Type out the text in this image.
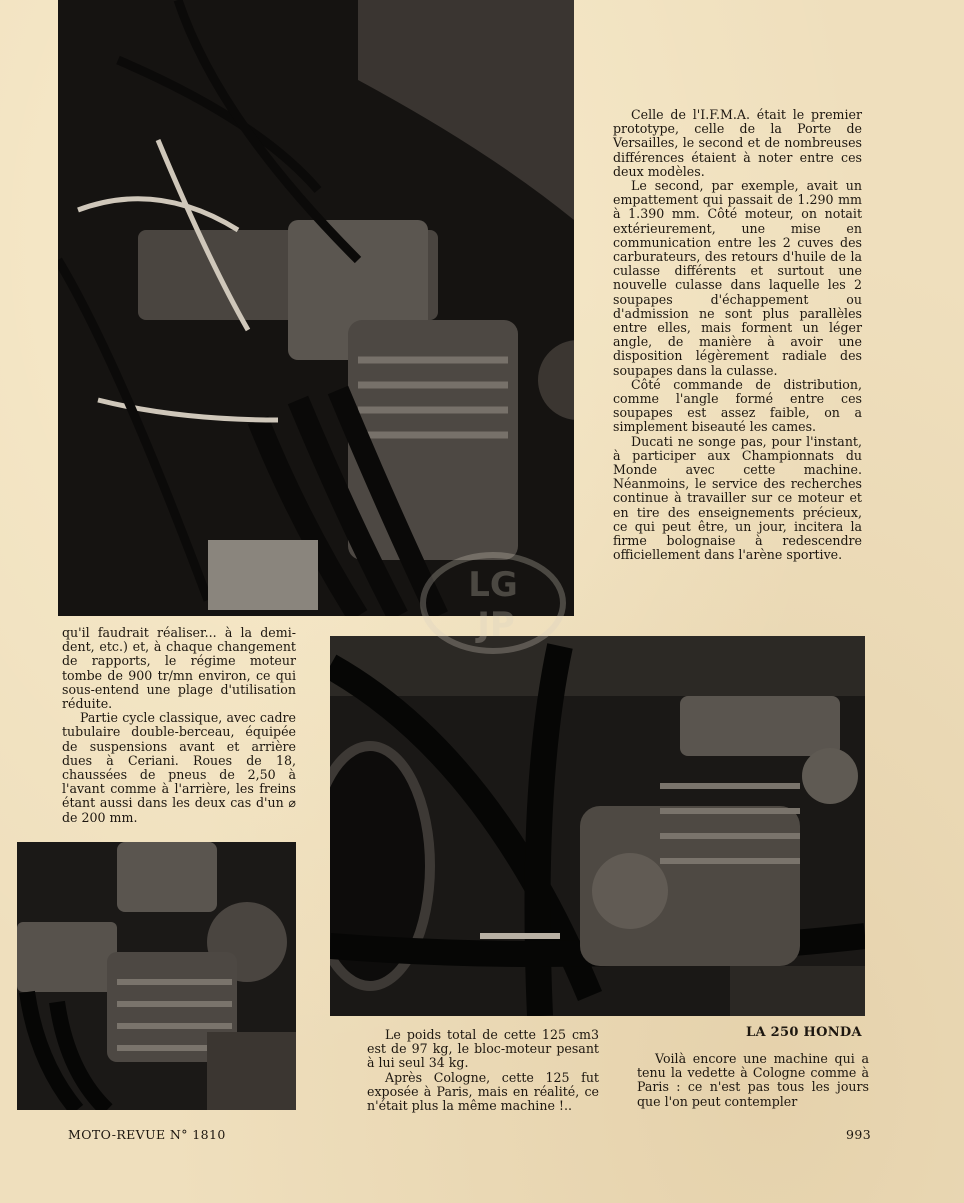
Celle de l'I.F.M.A. était le premier prototype, celle de la Porte de Versailles, le second et de nombreuses différences étaient à noter entre ces deux modèles.

Le second, par exemple, avait un empattement qui passait de 1.290 mm à 1.390 mm. Côté moteur, on notait extérieurement, une mise en communication entre les 2 cuves des carburateurs, des retours d'huile de la culasse différents et surtout une nouvelle culasse dans laquelle les 2 soupapes d'échappement ou d'admission ne sont plus parallèles entre elles, mais forment un léger angle, de manière à avoir une disposition légèrement radiale des soupapes dans la culasse.

Côté commande de distribution, comme l'angle formé entre ces soupapes est assez faible, on a simplement biseauté les cames.

Ducati ne songe pas, pour l'instant, à participer aux Championnats du Monde avec cette machine. Néanmoins, le service des recherches continue à travailler sur ce moteur et en tire des enseignements précieux, ce qui peut être, un jour, incitera la firme bolognaise à redescendre officiellement dans l'arène sportive.

qu'il faudrait réaliser... à la demi-dent, etc.) et, à chaque changement de rapports, le régime moteur tombe de 900 tr/mn environ, ce qui sous-entend une plage d'utilisation réduite.

Partie cycle classique, avec cadre tubulaire double-berceau, équipée de suspensions avant et arrière dues à Ceriani. Roues de 18, chaussées de pneus de 2,50 à l'avant comme à l'arrière, les freins étant aussi dans les deux cas d'un ⌀ de 200 mm.

Le poids total de cette 125 cm3 est de 97 kg, le bloc-moteur pesant à lui seul 34 kg.

Après Cologne, cette 125 fut exposée à Paris, mais en réalité, ce n'était plus la même machine !..

LA 250 HONDA

Voilà encore une machine qui a tenu la vedette à Cologne comme à Paris : ce n'est pas tous les jours que l'on peut contempler

LG
JP
MOTO-REVUE N° 1810	993
